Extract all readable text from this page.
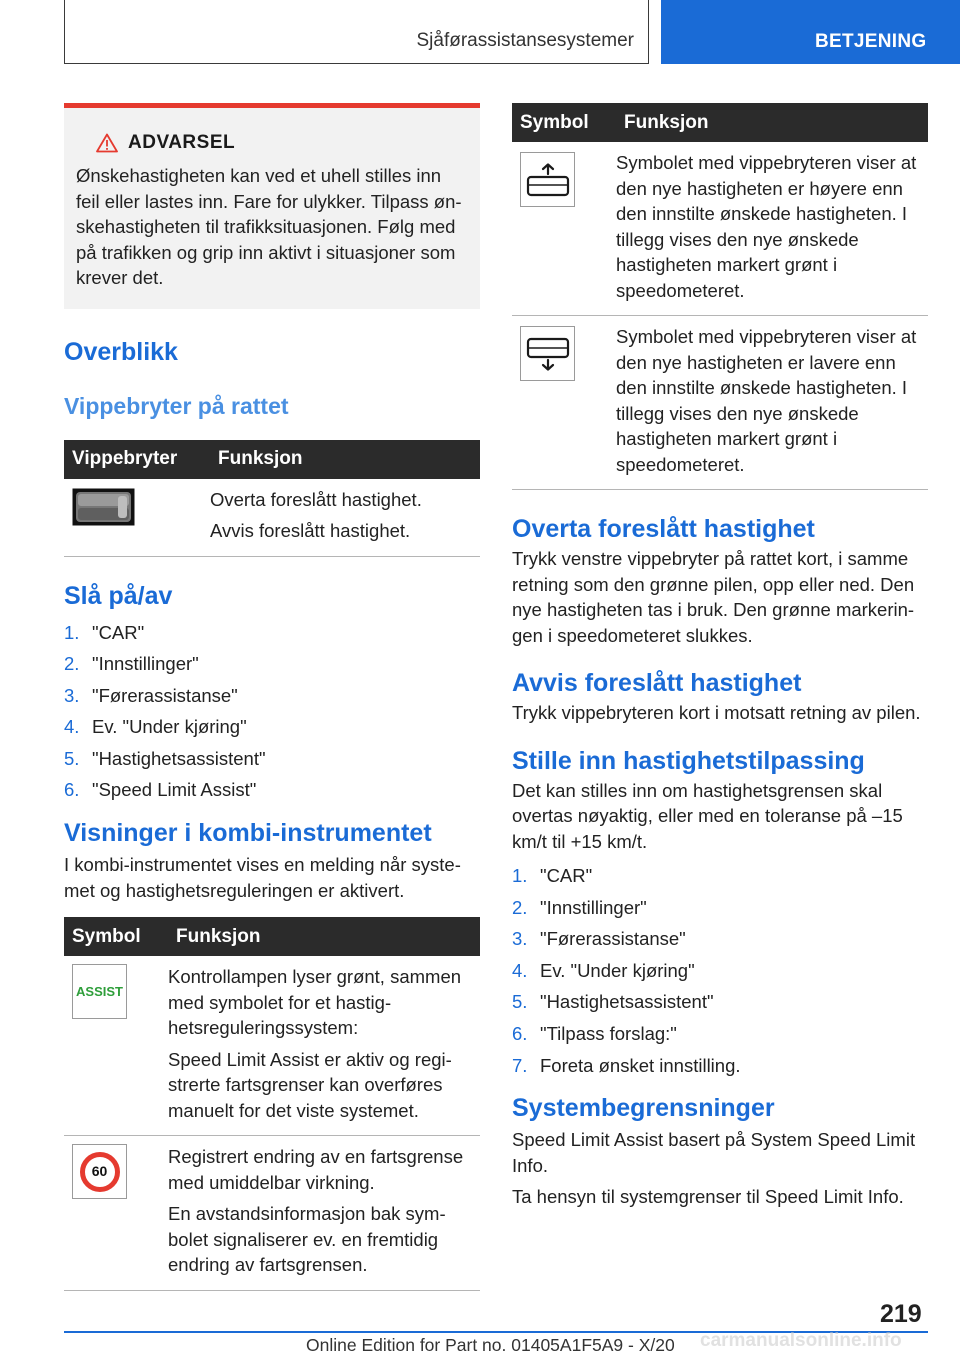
Sjåførassistansesystemer	BETJENING
ADVARSEL

Ønskehastigheten kan ved et uhell stilles inn feil eller lastes inn. Fare for ulykker. Tilpass ønskehastigheten til trafikksituasjonen. Følg med på trafikken og grip inn aktivt i situasjoner som krever det.

Overblikk
Vippebryter på rattet
Vippebryter	Funksjon

Overta foreslått hastighet.

Avvis foreslått hastighet.

Slå på/av
1. "CAR"
2. "Innstillinger"
3. "Førerassistanse"
4. Ev. "Under kjøring"
5. "Hastighetsassistent"
6. "Speed Limit Assist"
Visninger i kombi-instrumentet

I kombi-instrumentet vises en melding når systemet og hastighetsreguleringen er aktivert.

Symbol	Funksjon

ASSIST	Kontrollampen lyser grønt, sammen med symbolet for et hastighetsreguleringssystem:

Speed Limit Assist er aktiv og registrerte fartsgrenser kan overføres manuelt for det viste systemet.

60	Registrert endring av en fartsgrense med umiddelbar virkning.

En avstandsinformasjon bak symbolet signaliserer ev. en fremtidig endring av fartsgrensen.

Symbol	Funksjon

Symbolet med vippebryteren viser at den nye hastigheten er høyere enn den innstilte ønskede hastigheten. I tillegg vises den nye ønskede hastigheten markert grønt i speedometeret.

Symbolet med vippebryteren viser at den nye hastigheten er lavere enn den innstilte ønskede hastigheten. I tillegg vises den nye ønskede hastigheten markert grønt i speedometeret.

Overta foreslått hastighet

Trykk venstre vippebryter på rattet kort, i samme retning som den grønne pilen, opp eller ned. Den nye hastigheten tas i bruk. Den grønne markeringen i speedometeret slukkes.

Avvis foreslått hastighet

Trykk vippebryteren kort i motsatt retning av pilen.

Stille inn hastighetstilpassing

Det kan stilles inn om hastighetsgrensen skal overtas nøyaktig, eller med en toleranse på –15 km/t til +15 km/t.

1. "CAR"
2. "Innstillinger"
3. "Førerassistanse"
4. Ev. "Under kjøring"
5. "Hastighetsassistent"
6. "Tilpass forslag:"
7. Foreta ønsket innstilling.
Systembegrensninger

Speed Limit Assist basert på System Speed Limit Info.

Ta hensyn til systemgrenser til Speed Limit Info.

219
Online Edition for Part no. 01405A1F5A9 - X/20 carmanualsonline.info
